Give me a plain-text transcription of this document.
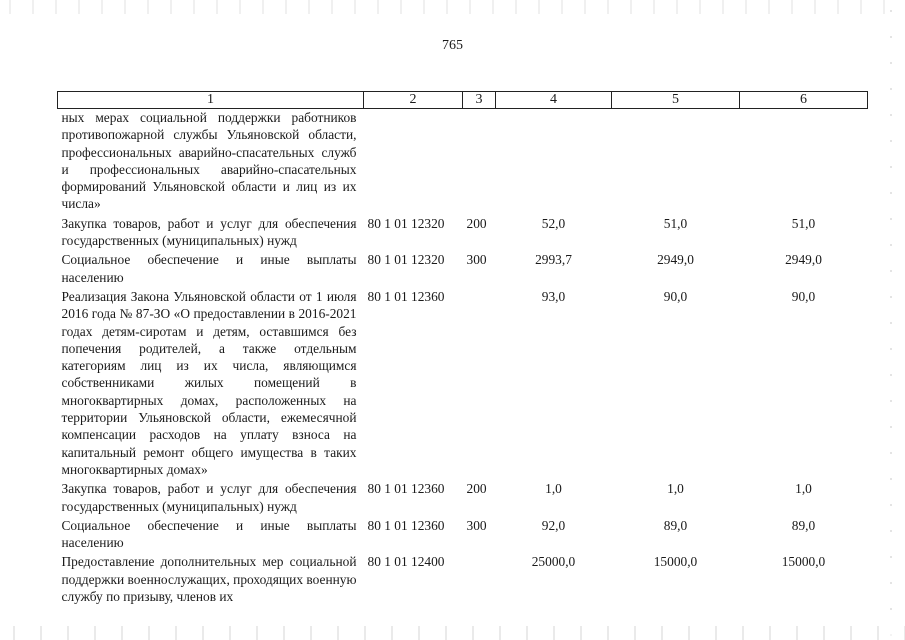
765
1	2	3	4	5	6
ных мерах социальной поддержки работников противопожарной службы Ульяновской области, профессиональных аварийно-спасательных служб и профессиональных аварийно-спасательных формирований Ульяновской области и лиц из их числа»					
Закупка товаров, работ и услуг для обеспечения государственных (муниципальных) нужд	80 1 01 12320	200	52,0	51,0	51,0
Социальное обеспечение и иные выплаты населению	80 1 01 12320	300	2993,7	2949,0	2949,0
Реализация Закона Ульяновской области от 1 июля 2016 года № 87-ЗО «О предоставлении в 2016-2021 годах детям-сиротам и детям, оставшимся без попечения родителей, а также отдельным категориям лиц из их числа, являющимся собственниками жилых помещений в многоквартирных домах, расположенных на территории Ульяновской области, ежемесячной компенсации расходов на уплату взноса на капитальный ремонт общего имущества в таких многоквартирных домах»	80 1 01 12360		93,0	90,0	90,0
Закупка товаров, работ и услуг для обеспечения государственных (муниципальных) нужд	80 1 01 12360	200	1,0	1,0	1,0
Социальное обеспечение и иные выплаты населению	80 1 01 12360	300	92,0	89,0	89,0
Предоставление дополнительных мер социальной поддержки военнослужащих, проходящих военную службу по призыву, членов их	80 1 01 12400		25000,0	15000,0	15000,0
